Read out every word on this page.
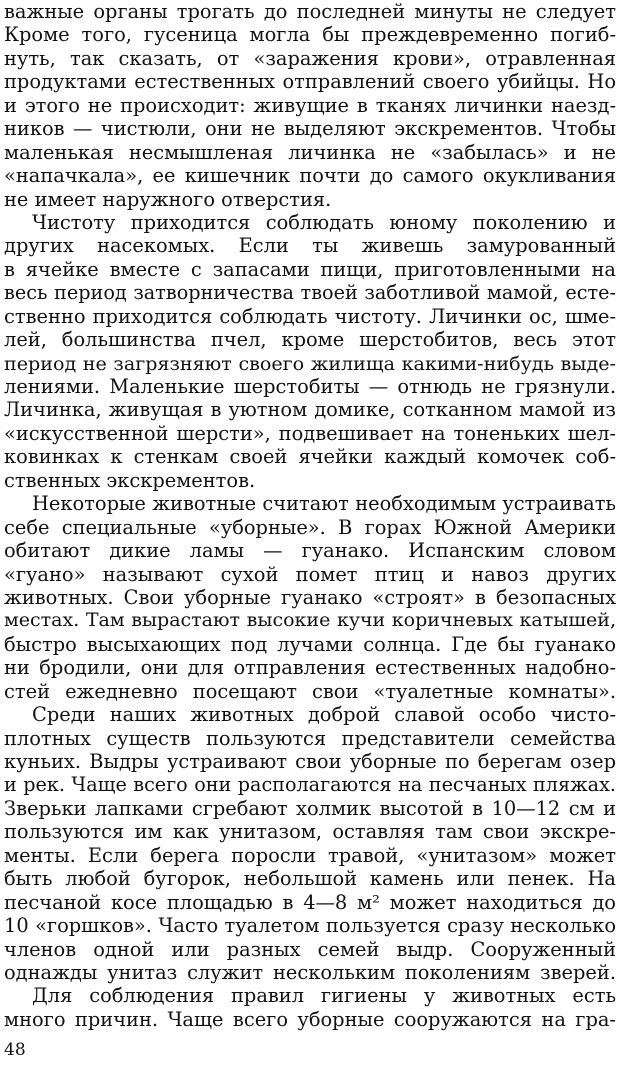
важные органы трогать до последней минуты не следует
Кроме того, гусеница могла бы преждевременно погиб-
нуть, так сказать, от «заражения крови», отравленная
продуктами естественных отправлений своего убийцы. Но
и этого не происходит: живущие в тканях личинки наезд-
ников — чистюли, они не выделяют экскрементов. Чтобы
маленькая несмышленая личинка не «забылась» и не
«напачкала», ее кишечник почти до самого окукливания
не имеет наружного отверстия.
Чистоту приходится соблюдать юному поколению и
других насекомых. Если ты живешь замурованный
в ячейке вместе с запасами пищи, приготовленными на
весь период затворничества твоей заботливой мамой, есте-
ственно приходится соблюдать чистоту. Личинки ос, шме-
лей, большинства пчел, кроме шерстобитов, весь этот
период не загрязняют своего жилища какими-нибудь выде-
лениями. Маленькие шерстобиты — отнюдь не грязнули.
Личинка, живущая в уютном домике, сотканном мамой из
«искусственной шерсти», подвешивает на тоненьких шел-
ковинках к стенкам своей ячейки каждый комочек соб-
ственных экскрементов.
Некоторые животные считают необходимым устраивать
себе специальные «уборные». В горах Южной Америки
обитают дикие ламы — гуанако. Испанским словом
«гуано» называют сухой помет птиц и навоз других
животных. Свои уборные гуанако «строят» в безопасных
местах. Там вырастают высокие кучи коричневых катышей,
быстро высыхающих под лучами солнца. Где бы гуанако
ни бродили, они для отправления естественных надобно-
стей ежедневно посещают свои «туалетные комнаты».
Среди наших животных доброй славой особо чисто-
плотных существ пользуются представители семейства
куньих. Выдры устраивают свои уборные по берегам озер
и рек. Чаще всего они располагаются на песчаных пляжах.
Зверьки лапками сгребают холмик высотой в 10—12 см и
пользуются им как унитазом, оставляя там свои экскре-
менты. Если берега поросли травой, «унитазом» может
быть любой бугорок, небольшой камень или пенек. На
песчаной косе площадью в 4—8 м² может находиться до
10 «горшков». Часто туалетом пользуется сразу несколько
членов одной или разных семей выдр. Сооруженный
однажды унитаз служит нескольким поколениям зверей.
Для соблюдения правил гигиены у животных есть
много причин. Чаще всего уборные сооружаются на гра-
48
